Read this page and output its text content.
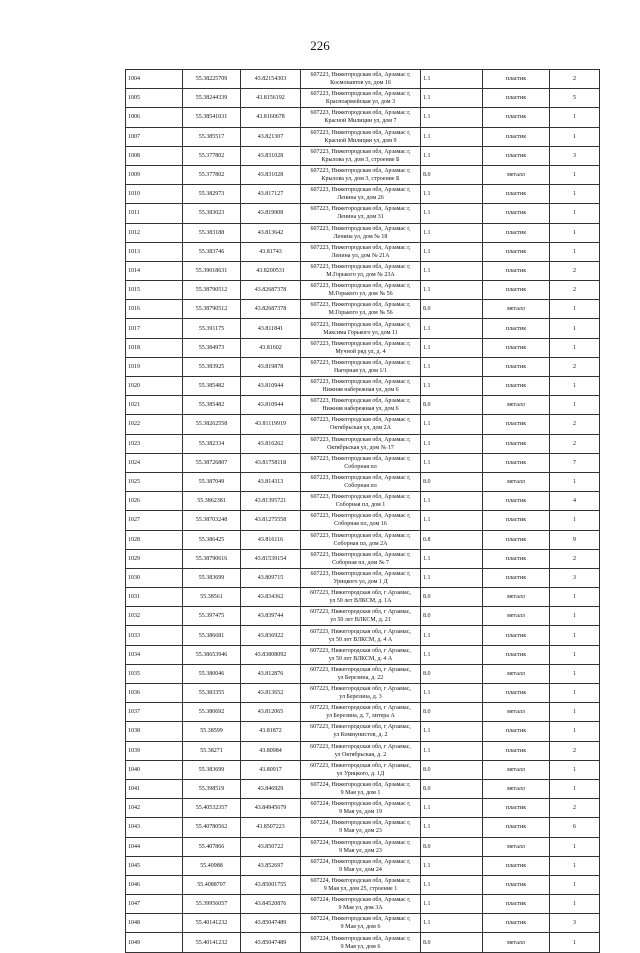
226
1004	55.38225709	43.82154303	607223, Нижегородская обл, Арзамас г,
Космонавтов ул, дом 16	1.1	пластик	2
1005	55.38244339	43.8156192	607223, Нижегородская обл, Арзамас г,
Красноармейская ул, дом 3	1.1	пластик	5
1006	55.38541031	43.8160678	607223, Нижегородская обл, Арзамас г,
Красной Милиции ул, дом 7	1.1	пластик	1
1007	55.385517	43.821307	607223, Нижегородская обл, Арзамас г,
Красной Милиции ул, дом 9	1.1	пластик	1
1008	55.377802	43.831028	607223, Нижегородская обл, Арзамас г,
Крылова ул, дом 3, строение Б	1.1	пластик	3
1009	55.377802	43.831028	607223, Нижегородская обл, Арзамас г,
Крылова ул, дом 3, строение Б	8.0	металл	1
1010	55.382973	43.817127	607223, Нижегородская обл, Арзамас г,
Ленина ул, дом 26	1.1	пластик	1
1011	55.383023	43.819908	607223, Нижегородская обл, Арзамас г,
Ленина ул, дом 31	1.1	пластик	1
1012	55.383188	43.813642	607223, Нижегородская обл, Арзамас г,
Ленина ул, дом № 18	1.1	пластик	1
1013	55.383746	43.81743	607223, Нижегородская обл, Арзамас г,
Ленина ул, дом № 21А	1.1	пластик	1
1014	55.39018631	43.8200531	607223, Нижегородская обл, Арзамас г,
М.Горького ул, дом № 23А	1.1	пластик	2
1015	55.38790512	43.82687378	607223, Нижегородская обл, Арзамас г,
М.Горького ул, дом № 56	1.1	пластик	2
1016	55.38790512	43.82687378	607223, Нижегородская обл, Арзамас г,
М.Горького ул, дом № 56	8.0	металл	1
1017	55.391175	43.811841	607223, Нижегородская обл, Арзамас г,
Максима Горького ул, дом 11	1.1	пластик	1
1018	55.384973	43.81602	607223, Нижегородская обл, Арзамас г,
Мучной ряд ул, д. 4	1.1	пластик	1
1019	55.383925	43.819878	607223, Нижегородская обл, Арзамас г,
Нагорная ул, дом 1/1	1.1	пластик	2
1020	55.385482	43.810944	607223, Нижегородская обл, Арзамас г,
Нижняя набережная ул, дом 6	1.1	пластик	1
1021	55.385482	43.810944	607223, Нижегородская обл, Арзамас г,
Нижняя набережная ул, дом 6	8.0	металл	1
1022	55.38262558	43.81119919	607223, Нижегородская обл, Арзамас г,
Октябрьская ул, дом 2А	1.1	пластик	2
1023	55.382334	43.816262	607223, Нижегородская обл, Арзамас г,
Октябрьская ул, дом № 17	1.1	пластик	2
1024	55.38726807	43.81758118	607223, Нижегородская обл, Арзамас г,
Соборная пл	1.1	пластик	7
1025	55.387049	43.814313	607223, Нижегородская обл, Арзамас г,
Соборная пл	8.0	металл	1
1026	55.3862381	43.81395721	607223, Нижегородская обл, Арзамас г,
Соборная пл, дом 1	1.1	пластик	4
1027	55.38703248	43.81275558	607223, Нижегородская обл, Арзамас г,
Соборная пл, дом 16	1.1	пластик	1
1028	55.386425	43.816116	607223, Нижегородская обл, Арзамас г,
Соборная пл, дом 2А	0.8	пластик	9
1029	55.38790616	43.81539154	607223, Нижегородская обл, Арзамас г,
Соборная пл, дом № 7	1.1	пластик	2
1030	55.383699	43.809715	607223, Нижегородская обл, Арзамас г,
Урицкого ул, дом 1 Д	1.1	пластик	3
1031	55.38561	43.834362	607223, Нижегородская обл, г Арзамас,
ул 50 лет ВЛКСМ, д. 1А	8.0	металл	1
1032	55.397475	43.839744	607223, Нижегородская обл, г Арзамас,
ул 50 лет ВЛКСМ, д. 21	8.0	металл	1
1033	55.386681	43.836922	607223, Нижегородская обл, г Арзамас,
ул 50 лет ВЛКСМ, д. 4 А	1.1	пластик	1
1034	55.38653946	43.83808092	607223, Нижегородская обл, г Арзамас,
ул 50 лет ВЛКСМ, д. 4 А	1.1	пластик	1
1035	55.380046	43.812876	607223, Нижегородская обл, г Арзамас,
ул Березина, д. 22	8.0	металл	1
1036	55.383355	43.813652	607223, Нижегородская обл, г Арзамас,
ул Березина, д. 3	1.1	пластик	1
1037	55.380692	43.812065	607223, Нижегородская обл, г Арзамас,
ул Березина, д. 7, литера А	8.0	металл	1
1038	55.38599	43.81872	607223, Нижегородская обл, г Арзамас,
ул Коммунистов, д. 2	1.1	пластик	1
1039	55.38271	43.80984	607223, Нижегородская обл, г Арзамас,
ул Октябрьская, д. 2	1.1	пластик	2
1040	55.383699	43.80917	607223, Нижегородская обл, г Арзамас,
ул Урицкого, д. 1Д	8.0	металл	1
1041	55.398519	43.846929	607224, Нижегородская обл, Арзамас г,
9 Мая ул, дом 1	8.0	металл	1
1042	55.40532357	43.84945679	607224, Нижегородская обл, Арзамас г,
9 Мая ул, дом 19	1.1	пластик	2
1043	55.40780562	43.8507223	607224, Нижегородская обл, Арзамас г,
9 Мая ул, дом 23	1.1	пластик	6
1044	55.407866	43.850722	607224, Нижегородская обл, Арзамас г,
9 Мая ул, дом 23	8.0	металл	1
1045	55.40988	43.852697	607224, Нижегородская обл, Арзамас г,
9 Мая ул, дом 24	1.1	пластик	1
1046	55.4088707	43.85001755	607224, Нижегородская обл, Арзамас г,
9 Мая ул, дом 25, строение 1	1.1	пластик	1
1047	55.39956057	43.84520876	607224, Нижегородская обл, Арзамас г,
9 Мая ул, дом 3А	1.1	пластик	1
1048	55.40141232	43.85047489	607224, Нижегородская обл, Арзамас г,
9 Мая ул, дом 6	1.1	пластик	3
1049	55.40141232	43.85047489	607224, Нижегородская обл, Арзамас г,
9 Мая ул, дом 6	8.0	металл	1
